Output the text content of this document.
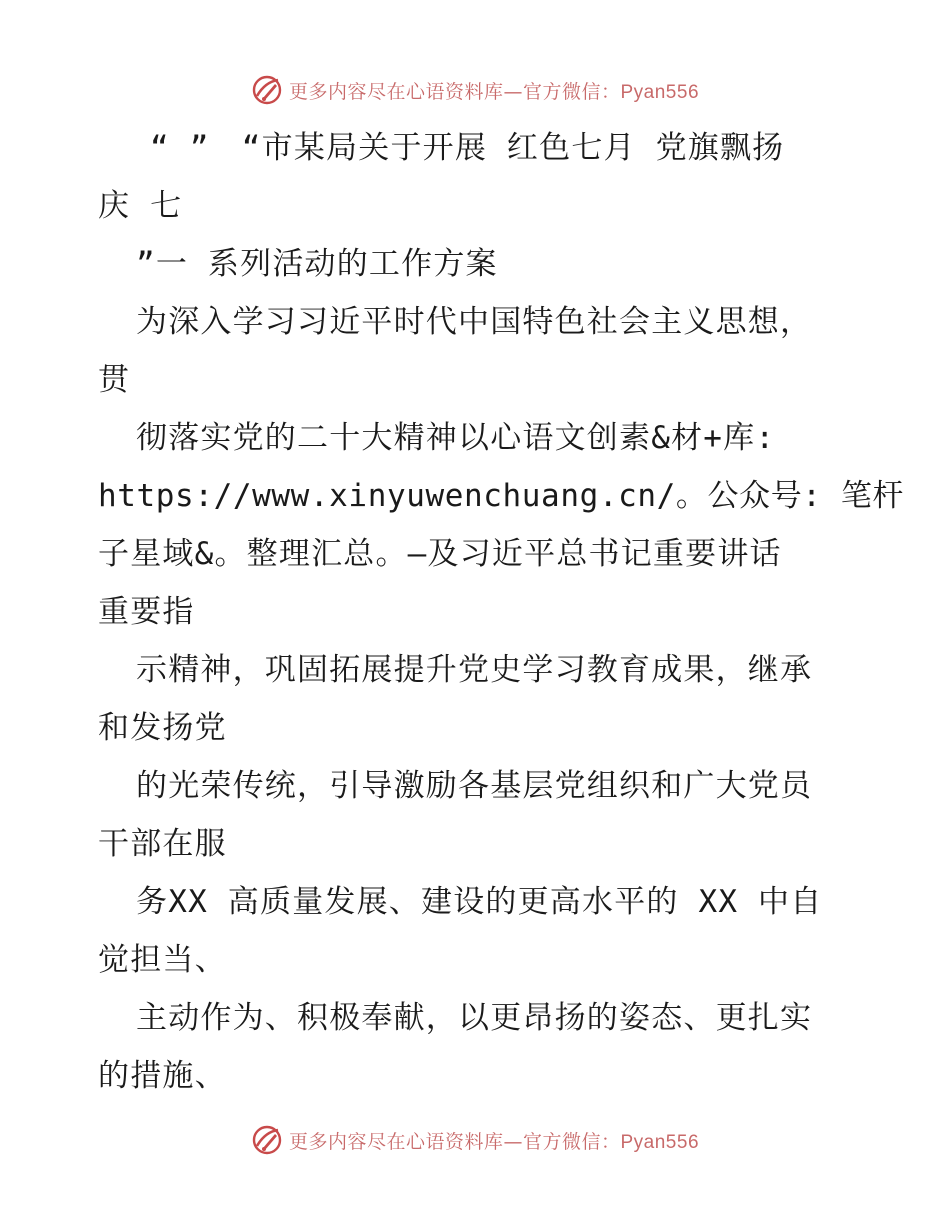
更多内容尽在心语资料库—官方微信：Pyan556
“ ”　“市某局关于开展 红色七月 党旗飘扬
庆 七
”一 系列活动的工作方案
为深入学习习近平时代中国特色社会主义思想，
贯
彻落实党的二十大精神以心语文创素&材+库:
https://www.xinyuwenchuang.cn/。公众号: 笔杆
子星域&。整理汇总。—及习近平总书记重要讲话
重要指
示精神，巩固拓展提升党史学习教育成果，继承
和发扬党
的光荣传统，引导激励各基层党组织和广大党员
干部在服
务XX 高质量发展、建设的更高水平的 XX 中自
觉担当、
主动作为、积极奉献，以更昂扬的姿态、更扎实
的措施、
更多内容尽在心语资料库—官方微信：Pyan556
